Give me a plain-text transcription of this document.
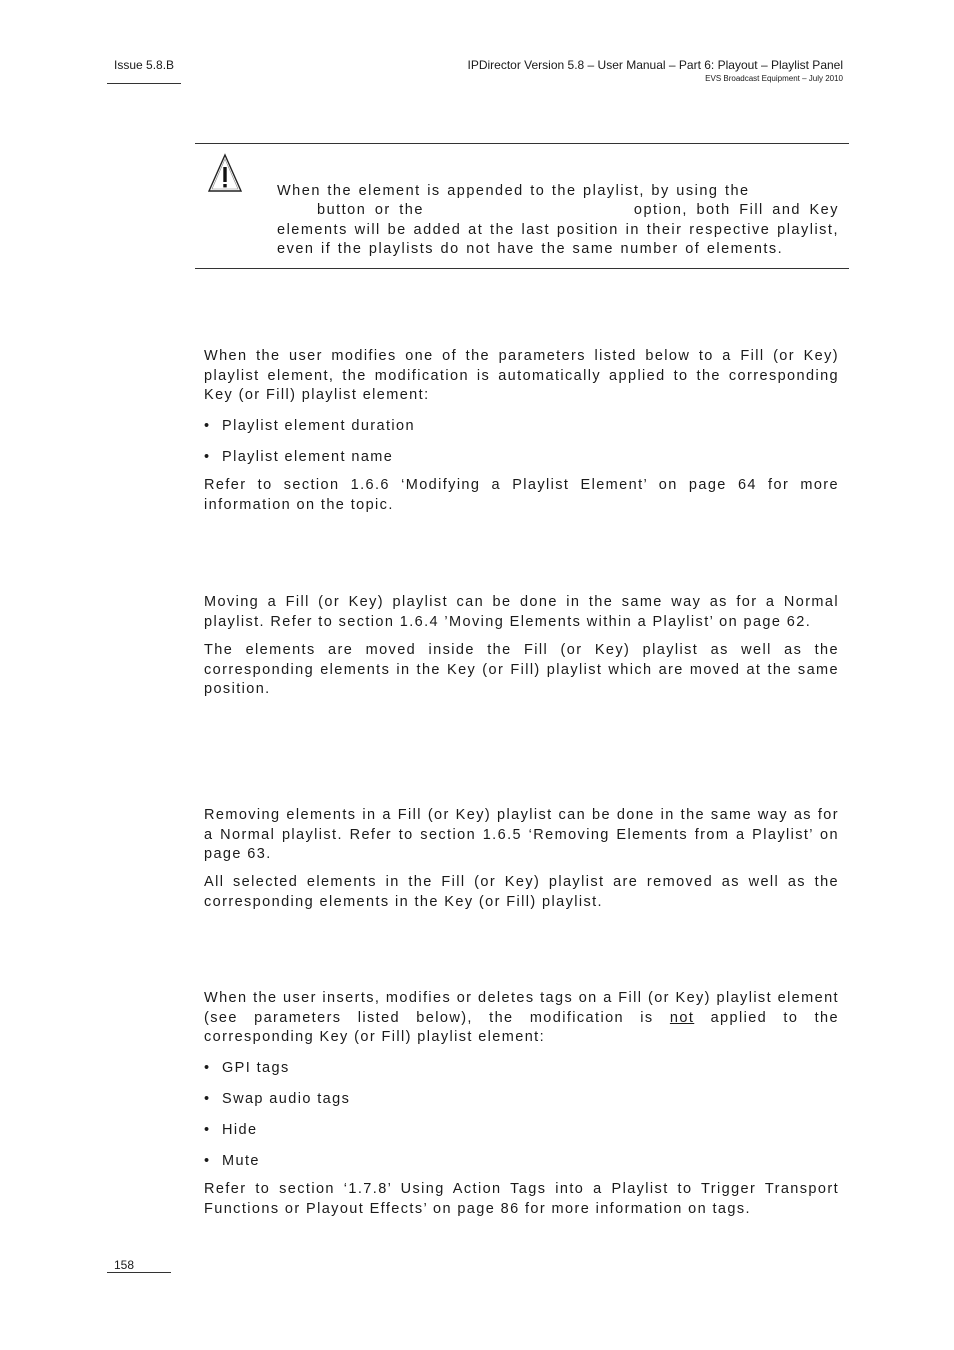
Issue 5.8.B	IPDirector Version 5.8 – User Manual – Part 6: Playout – Playlist Panel
EVS Broadcast Equipment – July 2010
When the element is appended to the playlist, by using the
button or the	option, both Fill and Key elements will be added at the last position in their respective playlist, even if the playlists do not have the same number of elements.

When the user modifies one of the parameters listed below to a Fill (or Key) playlist element, the modification is automatically applied to the corresponding Key (or Fill) playlist element:

• Playlist element duration

• Playlist element name

Refer to section 1.6.6 ‘Modifying a Playlist Element’ on page 64 for more information on the topic.

Moving a Fill (or Key) playlist can be done in the same way as for a Normal playlist. Refer to section 1.6.4 ’Moving Elements within a Playlist’ on page 62.

The elements are moved inside the Fill (or Key) playlist as well as the corresponding elements in the Key (or Fill) playlist which are moved at the same position.

Removing elements in a Fill (or Key) playlist can be done in the same way as for a Normal playlist. Refer to section 1.6.5 ‘Removing Elements from a Playlist’ on page 63.

All selected elements in the Fill (or Key) playlist are removed as well as the corresponding elements in the Key (or Fill) playlist.

When the user inserts, modifies or deletes tags on a Fill (or Key) playlist element (see parameters listed below), the modification is not applied to the corresponding Key (or Fill) playlist element:

• GPI tags

• Swap audio tags

• Hide

• Mute

Refer to section ‘1.7.8’ Using Action Tags into a Playlist to Trigger Transport Functions or Playout Effects’ on page 86 for more information on tags.

158
